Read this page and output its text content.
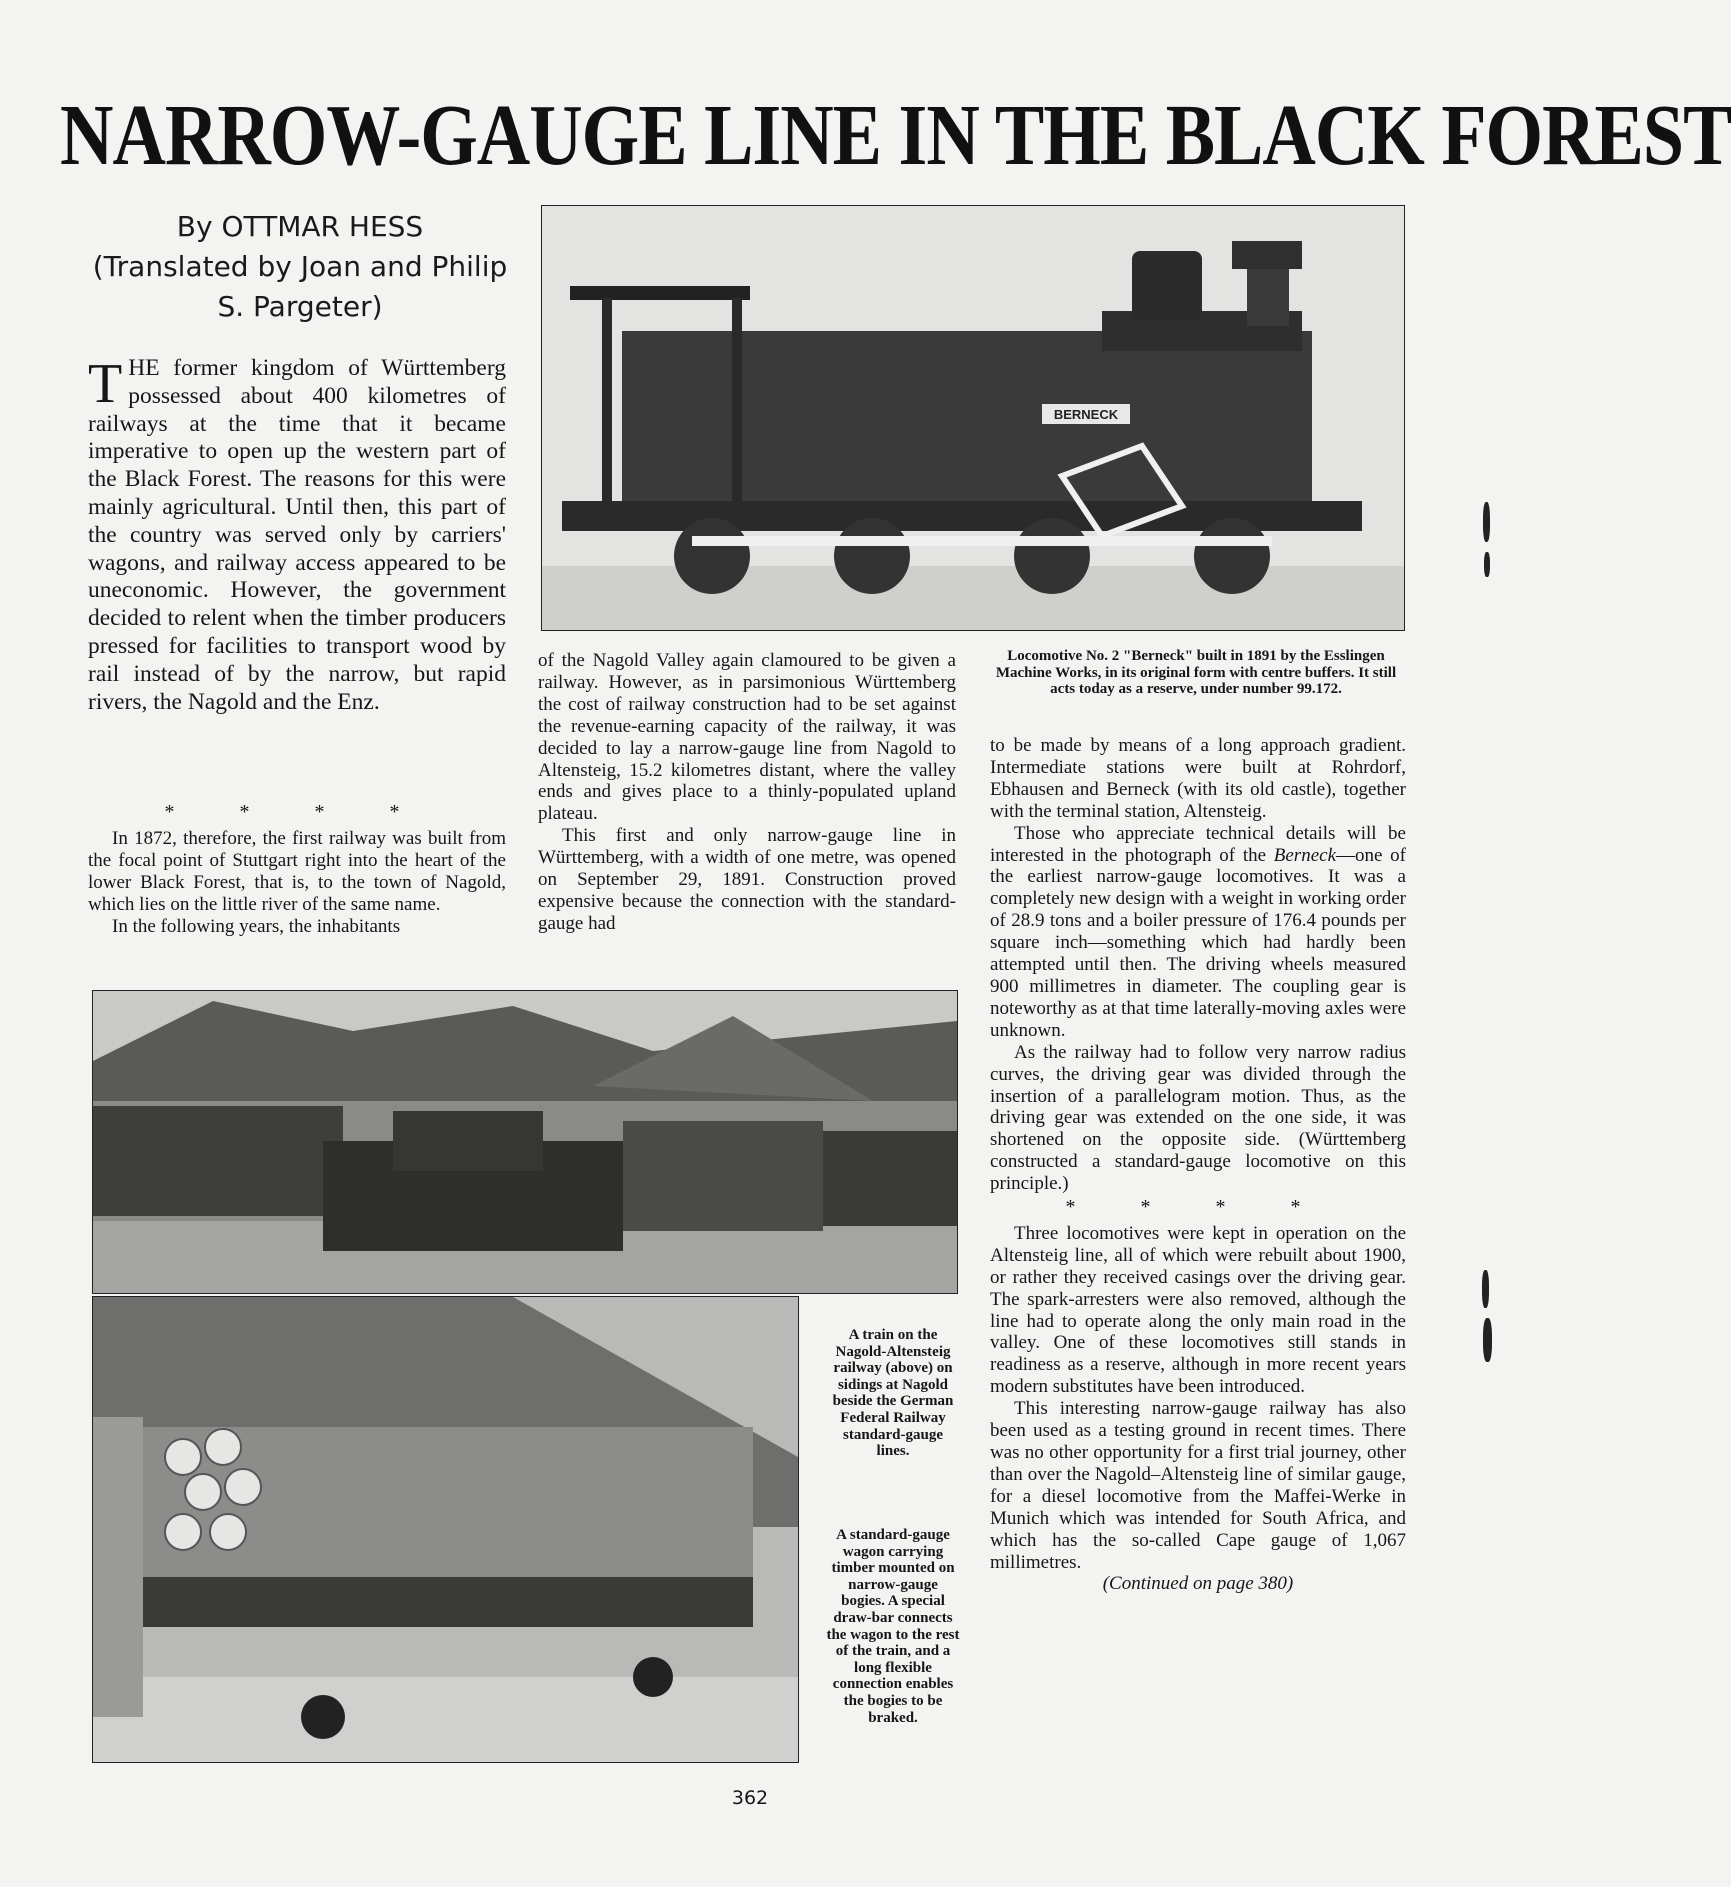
NARROW-GAUGE LINE IN THE BLACK FOREST
By OTTMAR HESS
(Translated by Joan and Philip
S. Pargeter)

THE former kingdom of Württemberg possessed about 400 kilometres of railways at the time that it became imperative to open up the western part of the Black Forest. The reasons for this were mainly agricultural. Until then, this part of the country was served only by carriers' wagons, and railway access appeared to be uneconomic. However, the government decided to relent when the timber producers pressed for facilities to transport wood by rail instead of by the narrow, but rapid rivers, the Nagold and the Enz.

* * * *

In 1872, therefore, the first railway was built from the focal point of Stuttgart right into the heart of the lower Black Forest, that is, to the town of Nagold, which lies on the little river of the same name.

In the following years, the inhabitants

of the Nagold Valley again clamoured to be given a railway. However, as in parsimonious Württemberg the cost of railway construction had to be set against the revenue-earning capacity of the railway, it was decided to lay a narrow-gauge line from Nagold to Altensteig, 15.2 kilometres distant, where the valley ends and gives place to a thinly-populated upland plateau.

This first and only narrow-gauge line in Württemberg, with a width of one metre, was opened on September 29, 1891. Construction proved expensive because the connection with the standard-gauge had

BERNECK
Locomotive No. 2 "Berneck" built in 1891 by the Esslingen Machine Works, in its original form with centre buffers. It still acts today as a reserve, under number 99.172.

to be made by means of a long approach gradient. Intermediate stations were built at Rohrdorf, Ebhausen and Berneck (with its old castle), together with the terminal station, Altensteig.

Those who appreciate technical details will be interested in the photograph of the Berneck—one of the earliest narrow-gauge locomotives. It was a completely new design with a weight in working order of 28.9 tons and a boiler pressure of 176.4 pounds per square inch—something which had hardly been attempted until then. The driving wheels measured 900 millimetres in diameter. The coupling gear is noteworthy as at that time laterally-moving axles were unknown.

As the railway had to follow very narrow radius curves, the driving gear was divided through the insertion of a parallelogram motion. Thus, as the driving gear was extended on the one side, it was shortened on the opposite side. (Württemberg constructed a standard-gauge locomotive on this principle.)

* * * *

Three locomotives were kept in operation on the Altensteig line, all of which were rebuilt about 1900, or rather they received casings over the driving gear. The spark-arresters were also removed, although the line had to operate along the only main road in the valley. One of these locomotives still stands in readiness as a reserve, although in more recent years modern substitutes have been introduced.

This interesting narrow-gauge railway has also been used as a testing ground in recent times. There was no other opportunity for a first trial journey, other than over the Nagold–Altensteig line of similar gauge, for a diesel locomotive from the Maffei-Werke in Munich which was intended for South Africa, and which has the so-called Cape gauge of 1,067 millimetres.

(Continued on page 380)

A train on the Nagold-Altensteig railway (above) on sidings at Nagold beside the German Federal Railway standard-gauge lines.
A standard-gauge wagon carrying timber mounted on narrow-gauge bogies. A special draw-bar connects the wagon to the rest of the train, and a long flexible connection enables the bogies to be braked.
362
